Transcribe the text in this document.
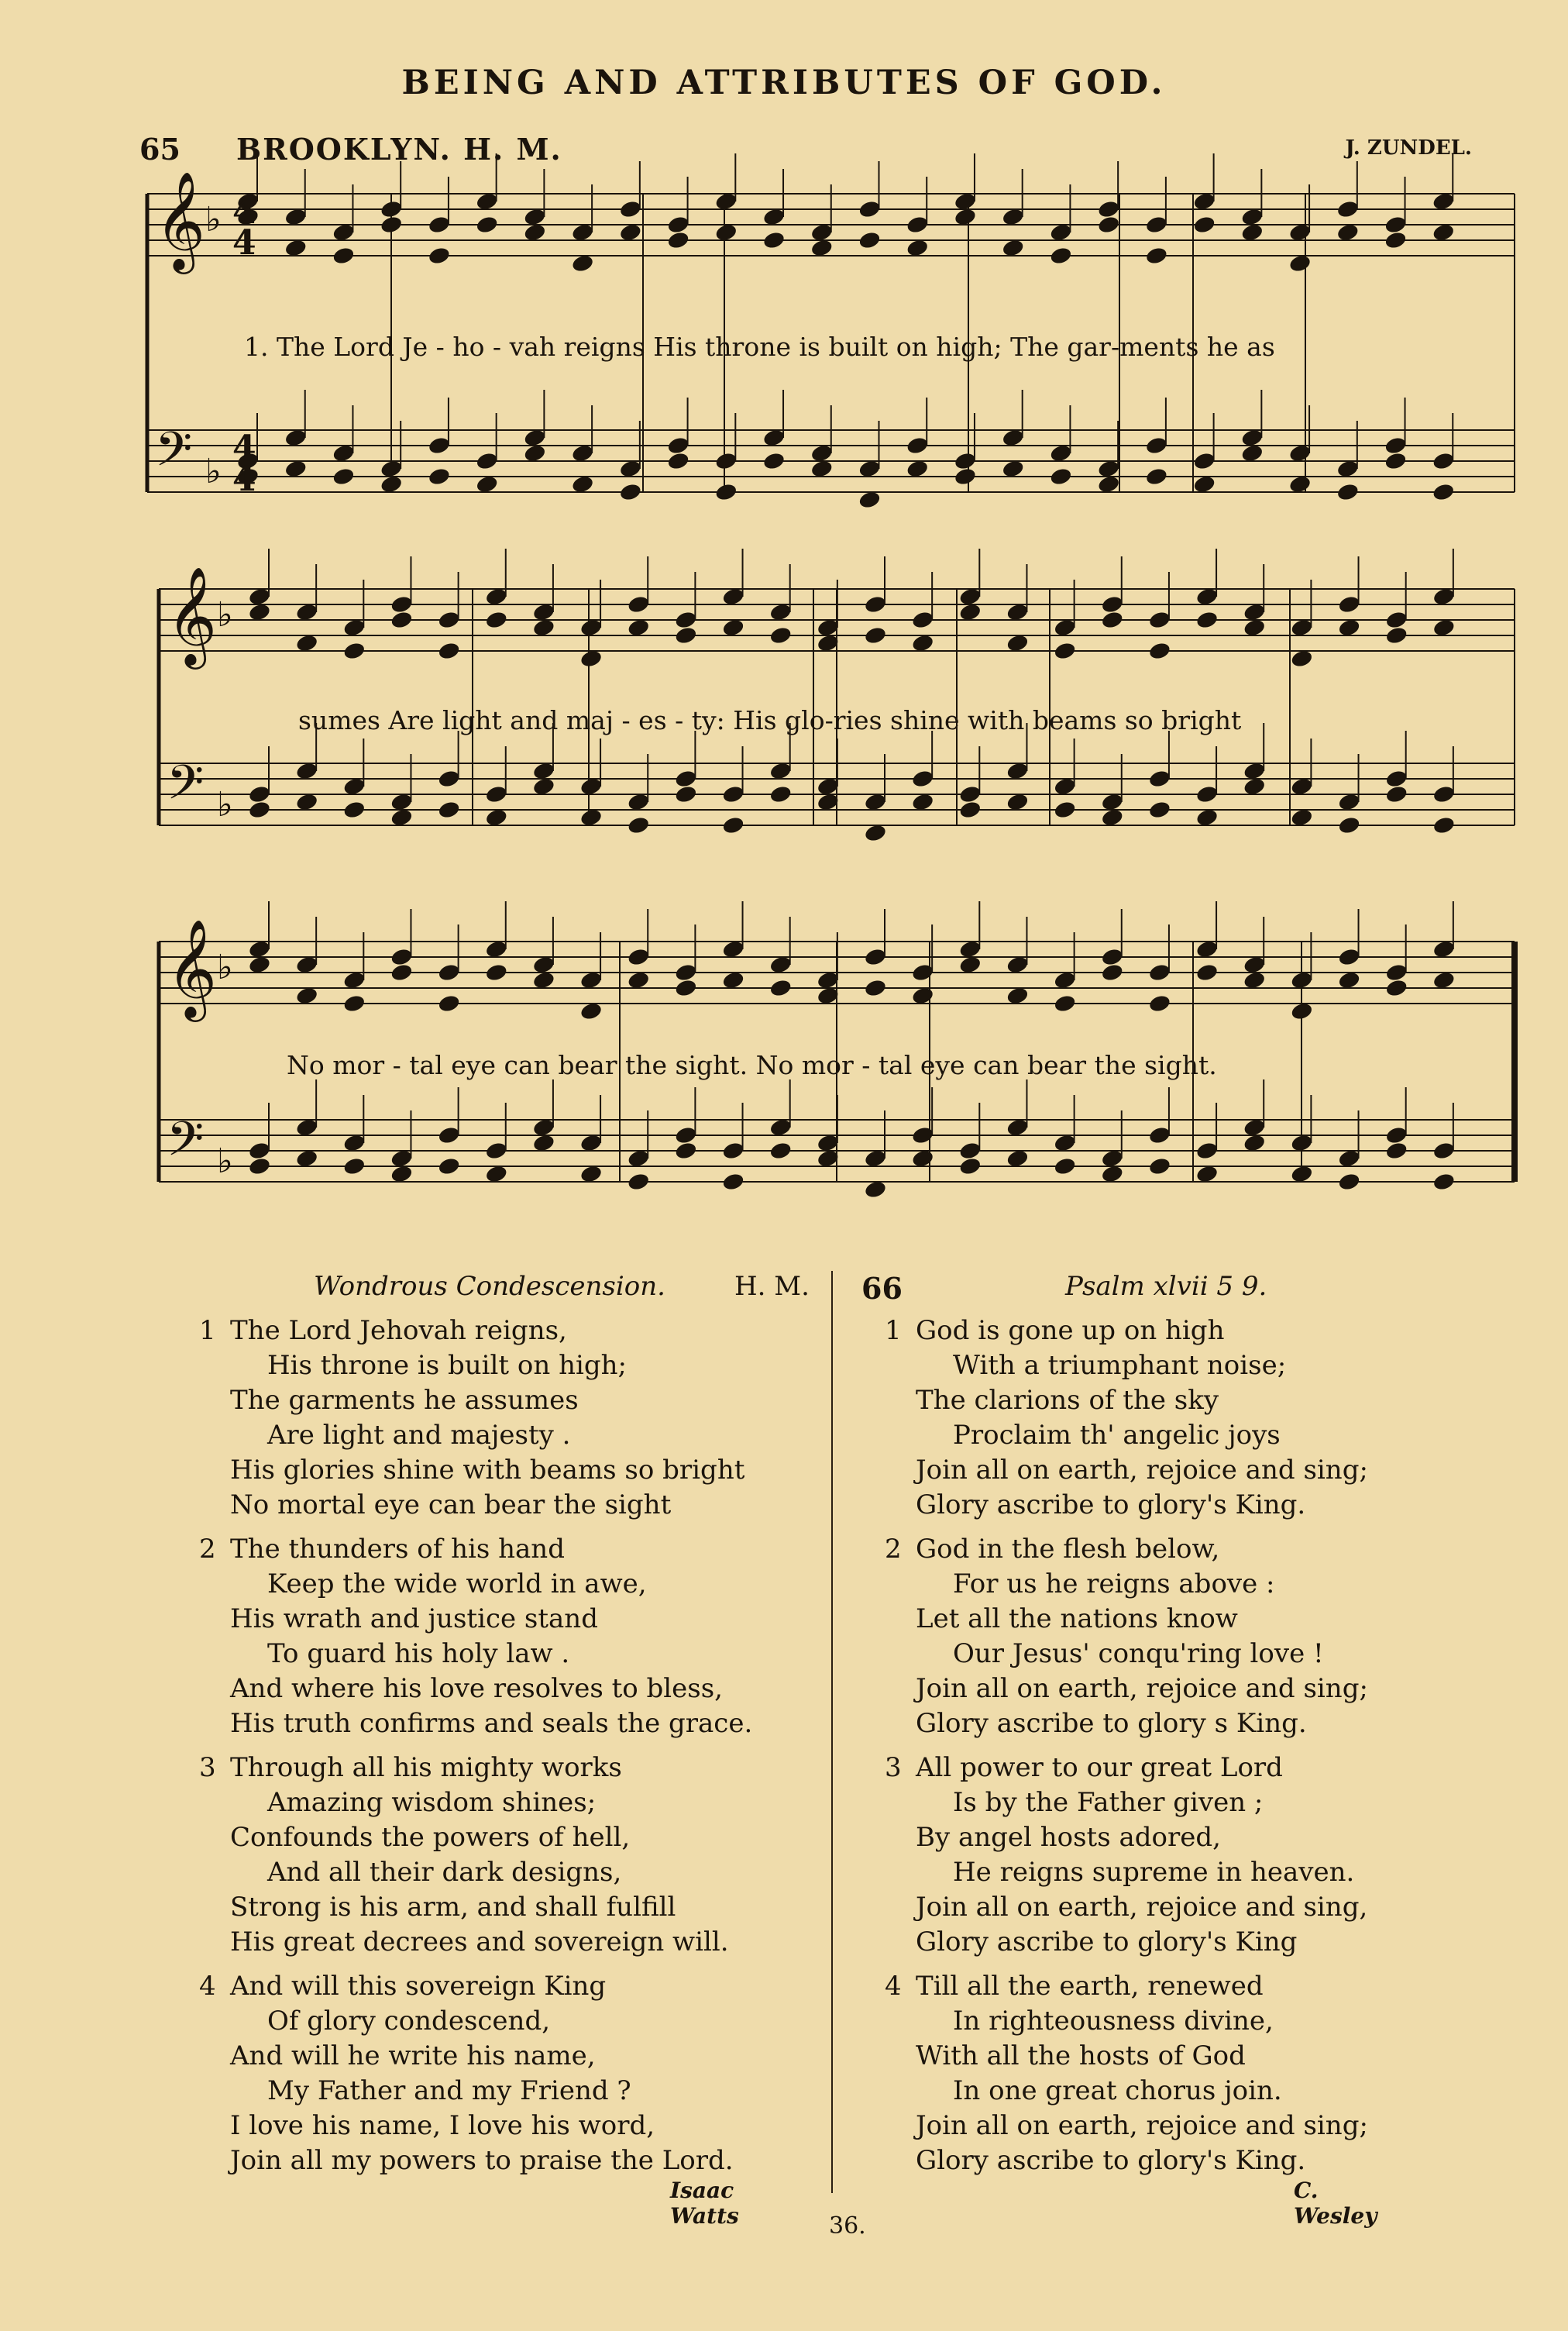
BEING AND ATTRIBUTES OF GOD.
65 BROOKLYN. H. M.	J. ZUNDEL.
𝄞 ♭
𝄢 ♭
𝄞 ♭
𝄢 ♭
𝄞 ♭
𝄢 ♭
4
4
4
4
1. The Lord Je - ho - vah reigns His throne is built on high; The gar-ments he as
sumes Are light and maj - es - ty: His glo-ries shine with beams so bright
No mor - tal eye can bear the sight. No mor - tal eye can bear the sight.
Wondrous Condescension.	H. M.
1 The Lord Jehovah reigns,
His throne is built on high;
The garments he assumes
Are light and majesty .
His glories shine with beams so bright
No mortal eye can bear the sight
2 The thunders of his hand
Keep the wide world in awe,
His wrath and justice stand
To guard his holy law .
And where his love resolves to bless,
His truth confirms and seals the grace.
3 Through all his mighty works
Amazing wisdom shines;
Confounds the powers of hell,
And all their dark designs,
Strong is his arm, and shall fulfill
His great decrees and sovereign will.
4 And will this sovereign King
Of glory condescend,
And will he write his name,
My Father and my Friend ?
I love his name, I love his word,
Join all my powers to praise the Lord.
Isaac Watts
66	Psalm xlvii 5 9.
1 God is gone up on high
With a triumphant noise;
The clarions of the sky
Proclaim th' angelic joys
Join all on earth, rejoice and sing;
Glory ascribe to glory's King.
2 God in the flesh below,
For us he reigns above :
Let all the nations know
Our Jesus' conqu'ring love !
Join all on earth, rejoice and sing;
Glory ascribe to glory s King.
3 All power to our great Lord
Is by the Father given ;
By angel hosts adored,
He reigns supreme in heaven.
Join all on earth, rejoice and sing,
Glory ascribe to glory's King
4 Till all the earth, renewed
In righteousness divine,
With all the hosts of God
In one great chorus join.
Join all on earth, rejoice and sing;
Glory ascribe to glory's King.
C. Wesley
36.
